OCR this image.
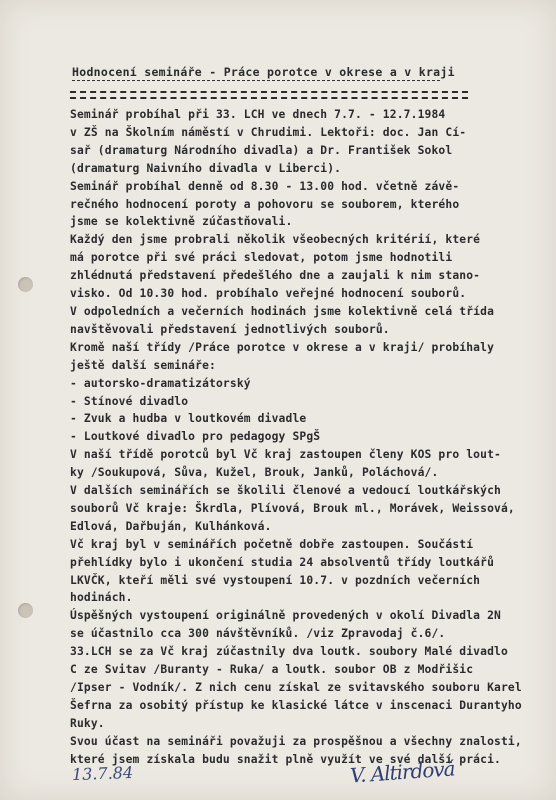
Hodnocení semináře - Práce porotce v okrese a v kraji

Seminář probíhal při 33. LCH ve dnech 7.7. - 12.7.1984

v ZŠ na Školním náměstí v Chrudimi. Lektoři: doc. Jan Cí-

sař (dramaturg Národního divadla) a Dr. František Sokol

(dramaturg Naivního divadla v Liberci).

Seminář probíhal denně od 8.30 - 13.00 hod. včetně závě-

rečného hodnocení poroty a pohovoru se souborem, kterého

jsme se kolektivně zúčastňovali.

Každý den jsme probrali několik všeobecných kritérií, které

má porotce při své práci sledovat, potom jsme hodnotili

zhlédnutá představení předešlého dne a zaujali k nim stano-

visko. Od 10.30 hod. probíhalo veřejné hodnocení souborů.

V odpoledních a večerních hodinách jsme kolektivně celá třída

navštěvovali představení jednotlivých souborů.

Kromě naší třídy /Práce porotce v okrese a v kraji/ probíhaly

ještě další semináře:

- autorsko-dramatizátorský

- Stínové divadlo

- Zvuk a hudba v loutkovém divadle

- Loutkové divadlo pro pedagogy SPgŠ

V naší třídě porotců byl Vč kraj zastoupen členy KOS pro lout-

ky /Soukupová, Sůva, Kužel, Brouk, Janků, Poláchová/.

V dalších seminářích se školili členové a vedoucí loutkářských

souborů Vč kraje: Škrdla, Plívová, Brouk ml., Morávek, Weissová,

Edlová, Dařbuján, Kulhánková.

Vč kraj byl v seminářích početně dobře zastoupen. Součástí

přehlídky bylo i ukončení studia 24 absolventů třídy loutkářů

LKVČK, kteří měli své vystoupení 10.7. v pozdních večerních

hodinách.

Úspěšných vystoupení originálně provedených v okolí Divadla 2N

se účastnilo cca 300 návštěvníků. /viz Zpravodaj č.6/.

33.LCH se za Vč kraj zúčastnily dva loutk. soubory Malé divadlo

C ze Svitav /Buranty - Ruka/ a loutk. soubor OB z Modřišic

/Ipser - Vodník/. Z nich cenu získal ze svitavského souboru Karel

Šefrna za osobitý přístup ke klasické látce v inscenaci Durantyho

Ruky.

Svou účast na semináři považuji za prospěšnou a všechny znalosti,

které jsem získala budu snažit plně využít ve své další práci.

13.7.84	V. Altirdová
